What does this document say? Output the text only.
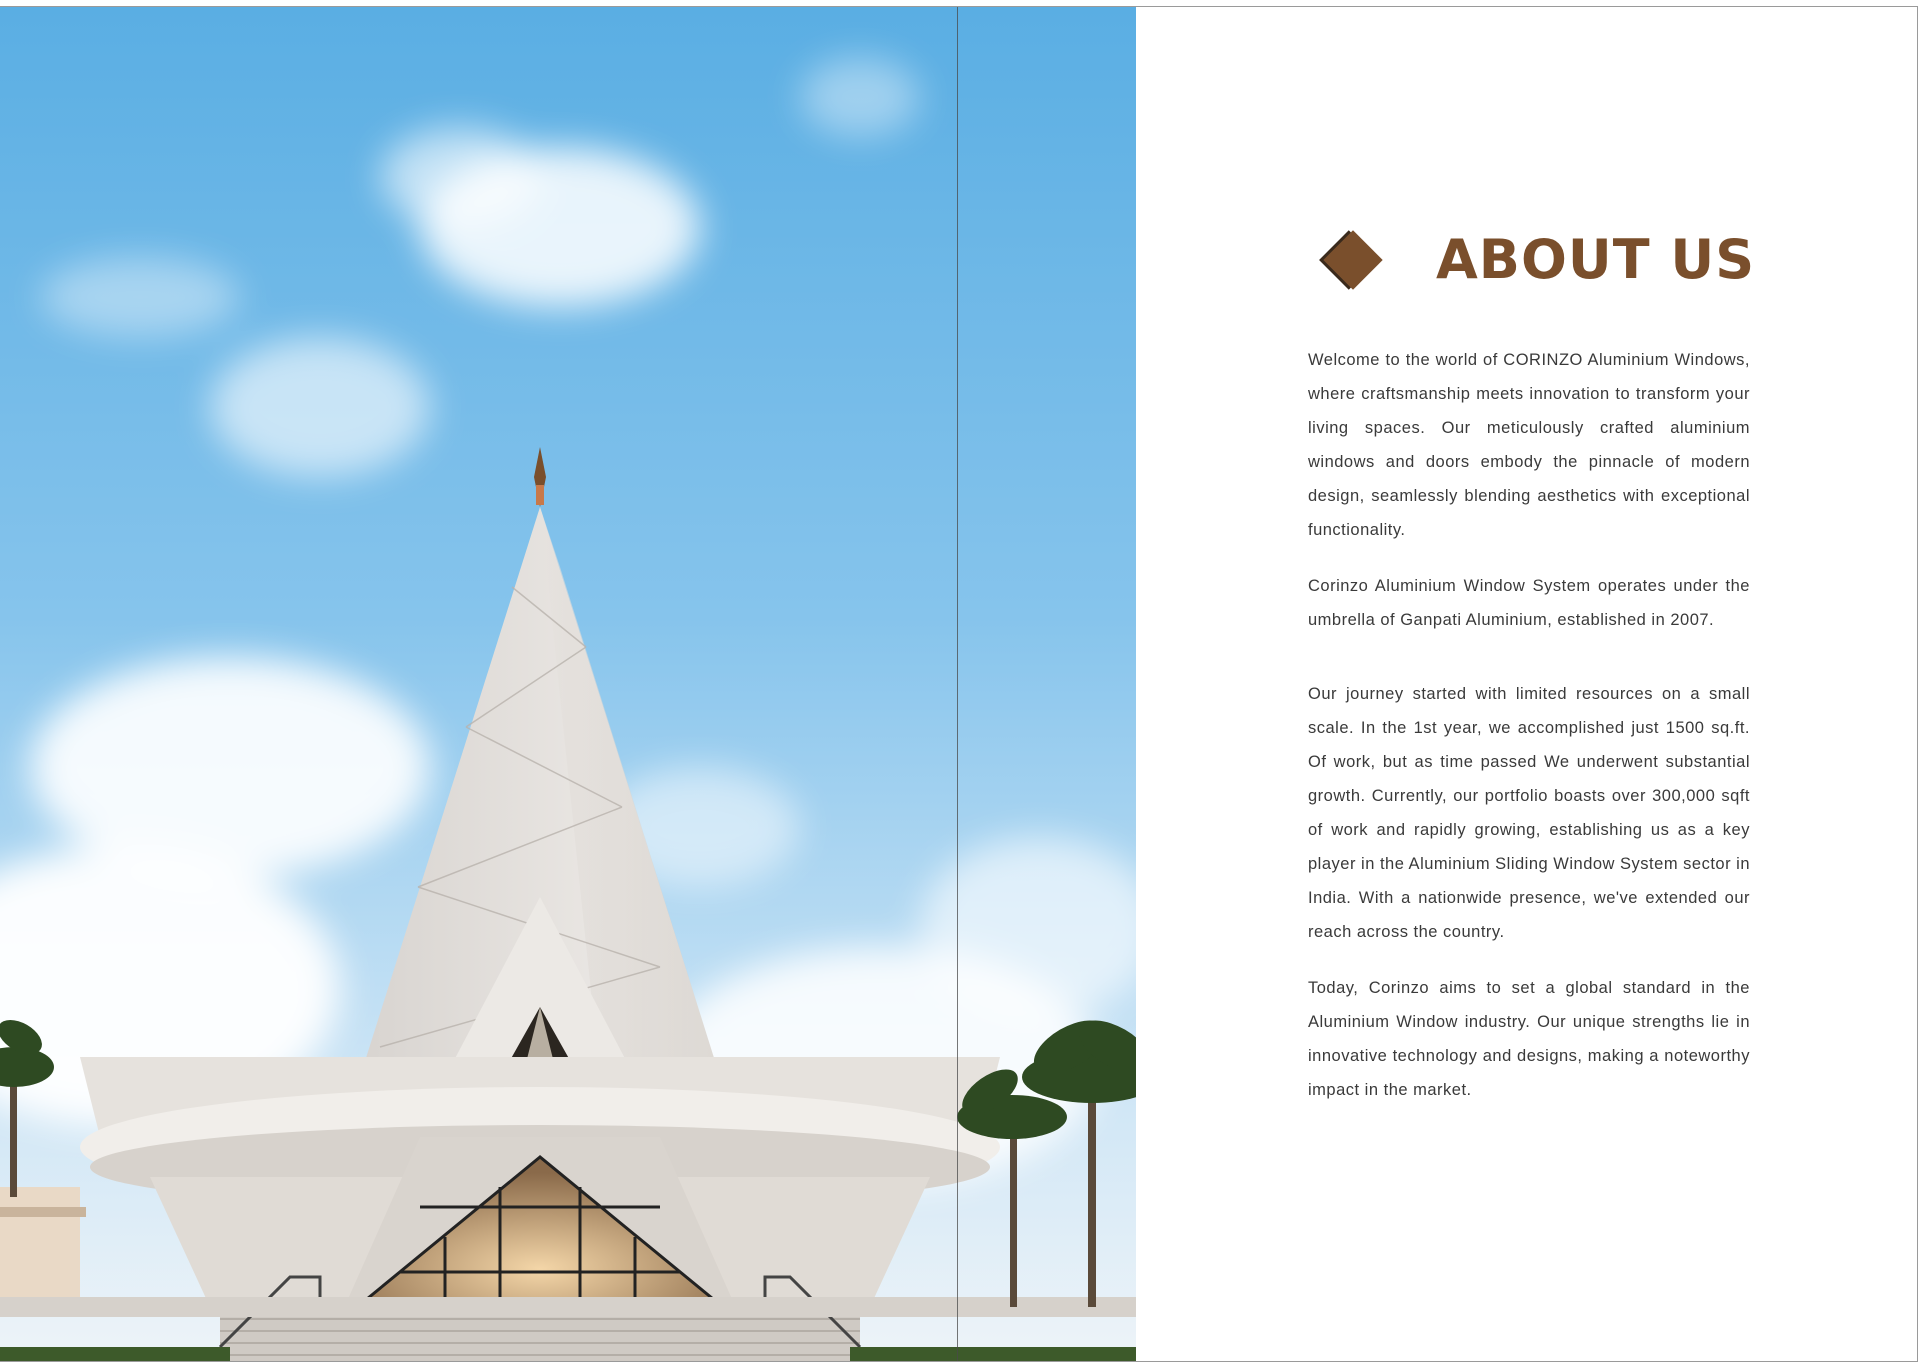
ABOUT US

Welcome to the world of CORINZO Aluminium Windows, where craftsmanship meets innovation to transform your living spaces. Our meticulously crafted aluminium windows and doors embody the pinnacle of modern design, seamlessly blending aesthetics with exceptional functionality.

Corinzo Aluminium Window System operates under the umbrella of Ganpati Aluminium, established in 2007.

Our journey started with limited resources on a small scale. In the 1st year, we accomplished just 1500 sq.ft. Of work, but as time passed We underwent substantial growth. Currently, our portfolio boasts over 300,000 sqft of work and rapidly growing, establishing us as a key player in the Aluminium Sliding Window System sector in India. With a nationwide presence, we've extended our reach across the country.

Today, Corinzo aims to set a global standard in the Aluminium Window industry. Our unique strengths lie in innovative technology and designs, making a noteworthy impact in the market.
